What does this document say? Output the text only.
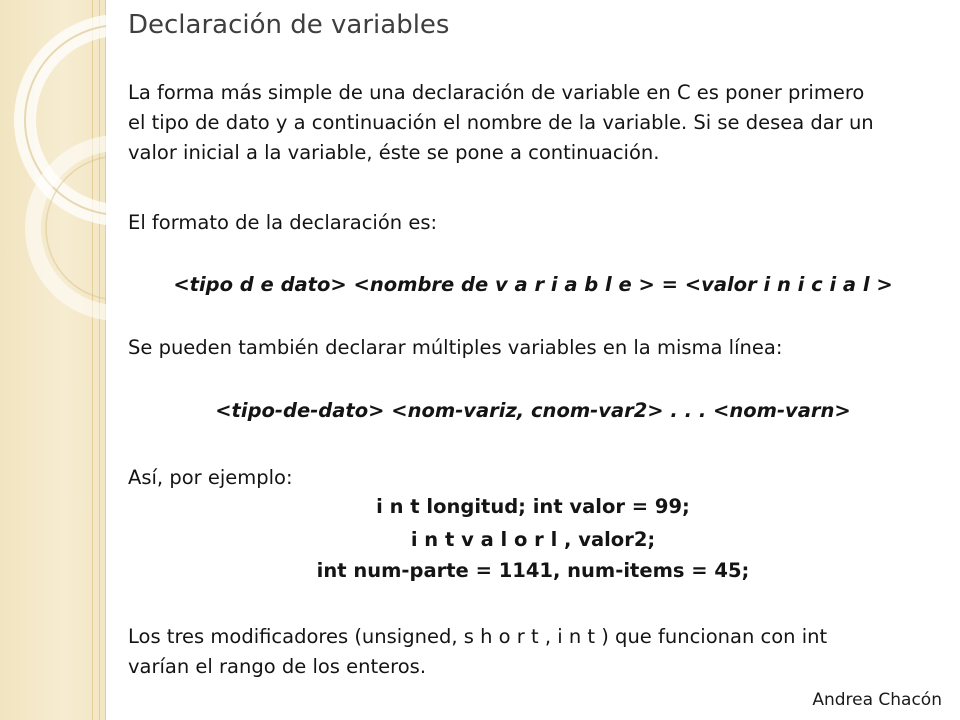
Declaración de variables
La forma más simple de una declaración de variable en C es poner primero
el tipo de dato y a continuación el nombre de la variable. Si se desea dar un
valor inicial a la variable, éste se pone a continuación.
El formato de la declaración es:
<tipo d e dato> <nombre de v a r i a b l e > = <valor i n i c i a l >
Se pueden también declarar múltiples variables en la misma línea:
<tipo-de-dato> <nom-variz, cnom-var2> . . . <nom-varn>
Así, por ejemplo:
i n t longitud; int valor = 99;
i n t v a l o r l , valor2;
int num-parte = 1141, num-items = 45;
Los tres modificadores (unsigned, s h o r t , i n t ) que funcionan con int
varían el rango de los enteros.
Andrea Chacón
